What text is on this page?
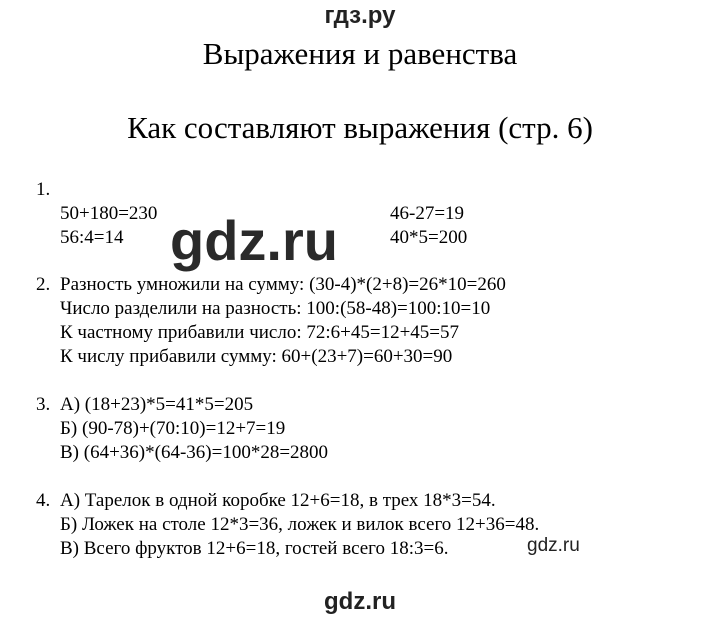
гдз.ру
Выражения и равенства
Как составляют выражения (стр. 6)
1.
50+180=230
56:4=14
46-27=19
40*5=200
gdz.ru
2. Разность умножили на сумму: (30-4)*(2+8)=26*10=260
Число разделили на разность: 100:(58-48)=100:10=10
К частному прибавили число: 72:6+45=12+45=57
К числу прибавили сумму: 60+(23+7)=60+30=90
3. А) (18+23)*5=41*5=205
Б) (90-78)+(70:10)=12+7=19
В) (64+36)*(64-36)=100*28=2800
4. А) Тарелок в одной коробке 12+6=18, в трех 18*3=54.
Б) Ложек на столе 12*3=36, ложек и вилок всего 12+36=48.
В) Всего фруктов 12+6=18, гостей всего 18:3=6.	gdz.ru
gdz.ru
